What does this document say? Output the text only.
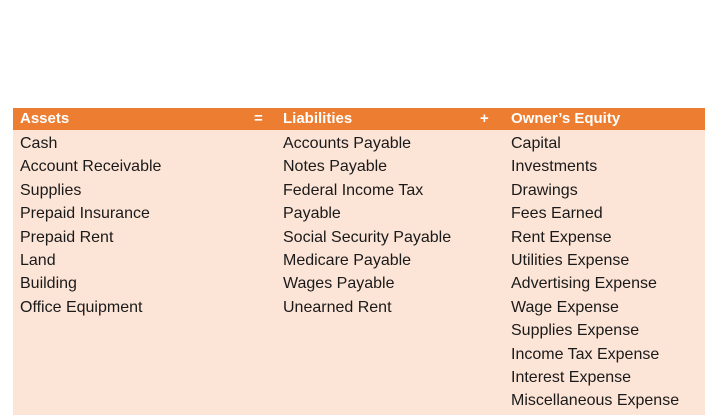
Assets	= Liabilities	+ Owner’s Equity
Cash
Account Receivable
Supplies
Prepaid Insurance
Prepaid Rent
Land
Building
Office Equipment
Accounts Payable
Notes Payable
Federal Income Tax
Payable
Social Security Payable
Medicare Payable
Wages Payable
Unearned Rent
Capital
Investments
Drawings
Fees Earned
Rent Expense
Utilities Expense
Advertising Expense
Wage Expense
Supplies Expense
Income Tax Expense
Interest Expense
Miscellaneous Expense
